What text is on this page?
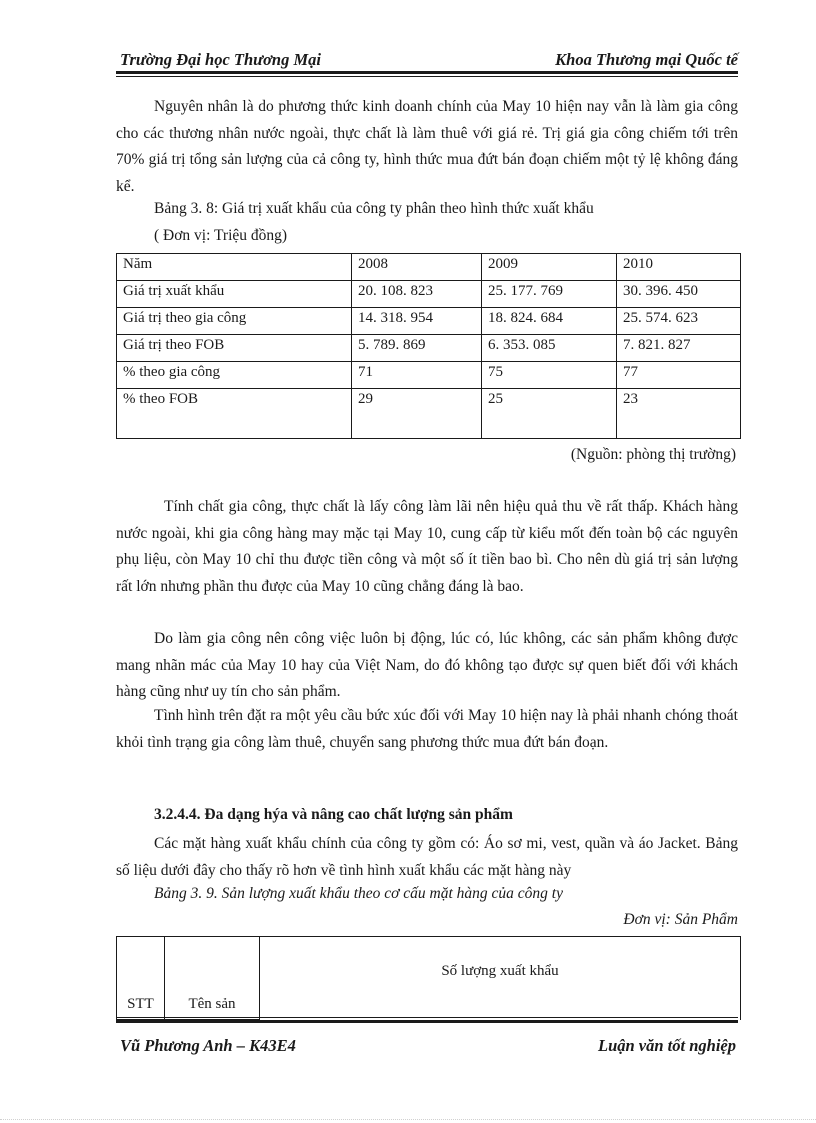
Trường Đại học Thương Mại	Khoa Thương mại Quốc tế
Nguyên nhân là do phương thức kinh doanh chính của May 10 hiện nay vẫn là làm gia công cho các thương nhân nước ngoài, thực chất là làm thuê với giá rẻ. Trị giá gia công chiếm tới trên 70% giá trị tổng sản lượng của cả công ty, hình thức mua đứt bán đoạn chiếm một tỷ lệ không đáng kể.
Bảng 3. 8: Giá trị xuất khẩu của công ty phân theo hình thức xuất khẩu
( Đơn vị: Triệu đồng)
Năm	2008	2009	2010
Giá trị xuất khẩu	20. 108. 823	25. 177. 769	30. 396. 450
Giá trị theo gia công	14. 318. 954	18. 824. 684	25. 574. 623
Giá trị theo FOB	5. 789. 869	6. 353. 085	7. 821. 827
% theo gia công	71	75	77
% theo FOB	29	25	23
(Nguồn: phòng thị trường)
Tính chất gia công, thực chất là lấy công làm lãi nên hiệu quả thu về rất thấp. Khách hàng nước ngoài, khi gia công hàng may mặc tại May 10, cung cấp từ kiểu mốt đến toàn bộ các nguyên phụ liệu, còn May 10 chỉ thu được tiền công và một số ít tiền bao bì. Cho nên dù giá trị sản lượng rất lớn nhưng phần thu được của May 10 cũng chẳng đáng là bao.
Do làm gia công nên công việc luôn bị động, lúc có, lúc không, các sản phẩm không được mang nhãn mác của May 10 hay của Việt Nam, do đó không tạo được sự quen biết đối với khách hàng cũng như uy tín cho sản phẩm.
Tình hình trên đặt ra một yêu cầu bức xúc đối với May 10 hiện nay là phải nhanh chóng thoát khỏi tình trạng gia công làm thuê, chuyển sang phương thức mua đứt bán đoạn.
3.2.4.4. Đa dạng hýa và nâng cao chất lượng sản phẩm
Các mặt hàng xuất khẩu chính của công ty gồm có: Áo sơ mi, vest, quần và áo Jacket. Bảng số liệu dưới đây cho thấy rõ hơn về tình hình xuất khẩu các mặt hàng này
Bảng 3. 9. Sản lượng xuất khẩu theo cơ cấu mặt hàng của công ty
Đơn vị: Sản Phẩm
STT	Tên sản	Số lượng xuất khẩu
Vũ Phương Anh – K43E4	Luận văn tốt nghiệp
